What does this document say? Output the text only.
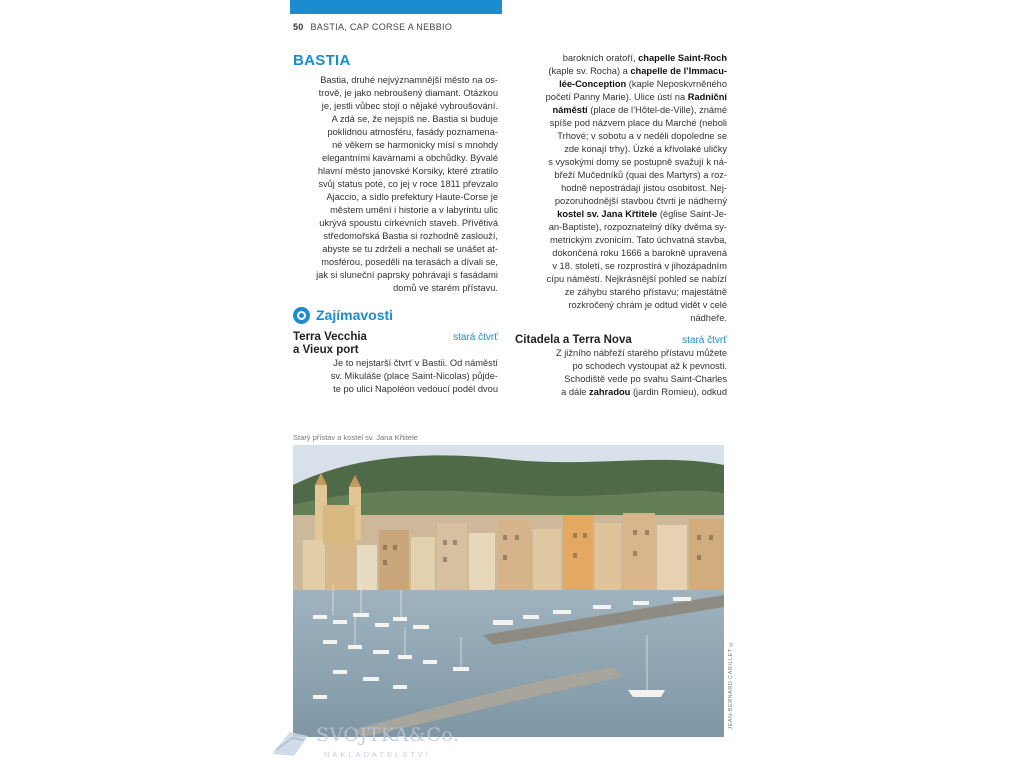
50 BASTIA, CAP CORSE A NEBBIO
BASTIA

Bastia, druhé nejvýznamnější město na os-

trově, je jako nebroušený diamant. Otázkou

je, jestli vůbec stojí o nějaké vybroušování.

A zdá se, že nejspíš ne. Bastia si buduje

poklidnou atmosféru, fasády poznamena-

né věkem se harmonicky mísí s mnohdy

elegantními kavárnami a obchůdky. Bývalé

hlavní město janovské Korsiky, které ztratilo

svůj status poté, co jej v roce 1811 převzalo

Ajaccio, a sídlo prefektury Haute-Corse je

městem umění i historie a v labyrintu ulic

ukrývá spoustu církevních staveb. Přívětivá

středomořská Bastia si rozhodně zaslouží,

abyste se tu zdrželi a nechali se unášet at-

mosférou, poseděli na terasách a dívali se,

jak si sluneční paprsky pohrávají s fasádami

domů ve starém přístavu.

Zajímavosti
Terra Vecchia
a Vieux port
stará čtvrť

Je to nejstarší čtvrť v Bastii. Od náměstí

sv. Mikuláše (place Saint-Nicolas) půjde-

te po ulici Napoléon vedoucí podél dvou

barokních oratoří, chapelle Saint-Roch

(kaple sv. Rocha) a chapelle de l’Immacu-

lée-Conception (kaple Neposkvrněného

početí Panny Marie). Ulice ústí na Radniční

náměstí (place de l’Hôtel-de-Ville), známé

spíše pod názvem place du Marché (neboli

Trhové; v sobotu a v neděli dopoledne se

zde konají trhy). Úzké a křivolaké uličky

s vysokými domy se postupně svažují k ná-

břeží Mučedníků (quai des Martyrs) a roz-

hodně nepostrádají jistou osobitost. Nej-

pozoruhodnější stavbou čtvrti je nádherný

kostel sv. Jana Křtitele (église Saint-Je-

an-Baptiste), rozpoznatelný díky dvěma sy-

metrickým zvonicím. Tato úchvatná stavba,

dokončená roku 1666 a barokně upravená

v 18. století, se rozprostírá v jihozápadním

cípu náměstí. Nejkrásnější pohled se nabízí

ze záhybu starého přístavu; majestátně

rozkročený chrám je odtud vidět v celé

nádheře.

Citadela a Terra Nova	stará čtvrť

Z jižního nábřeží starého přístavu můžete

po schodech vystoupat až k pevnosti.

Schodiště vede po svahu Saint-Charles

a dále zahradou (jardin Romieu), odkud

Starý přístav a kostel sv. Jana Křtitele
JEAN-BERNARD CARILLET ©
SVOJTKA&Co.
NAKLADATELSTVÍ
